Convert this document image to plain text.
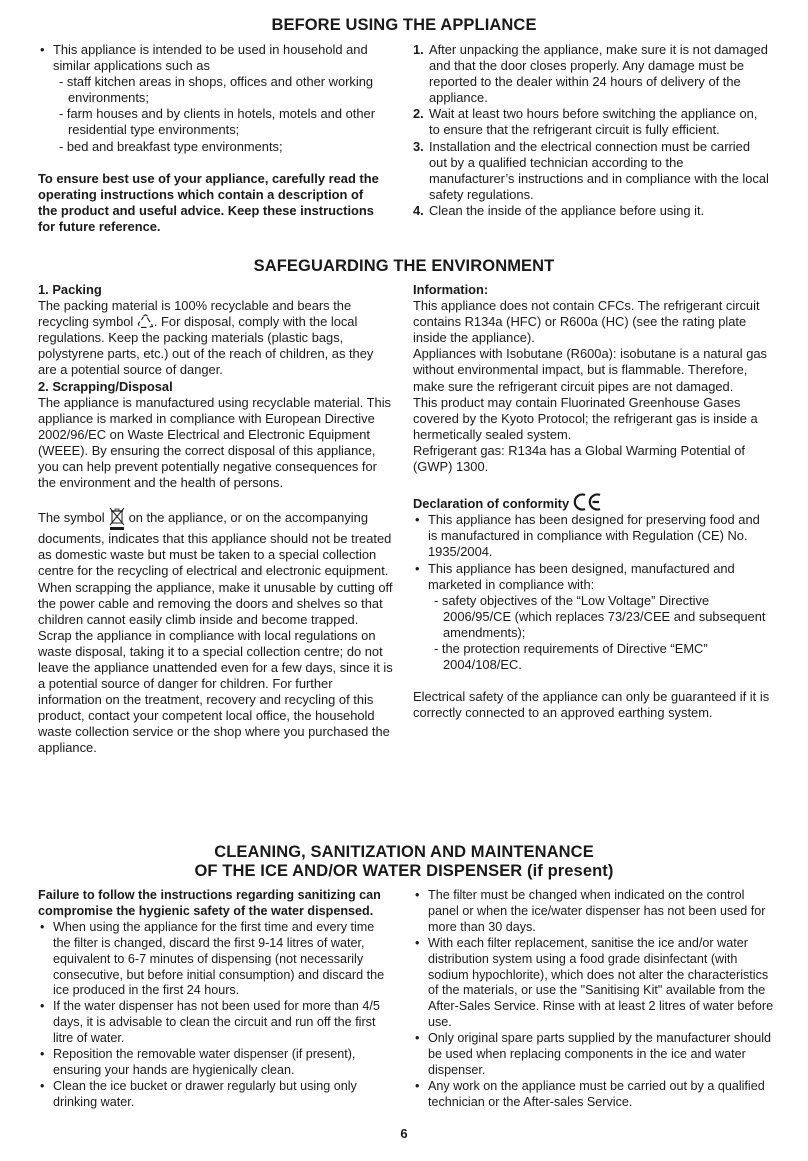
BEFORE USING THE APPLIANCE
• This appliance is intended to be used in household and similar applications such as

- staff kitchen areas in shops, offices and other working environments;

- farm houses and by clients in hotels, motels and other residential type environments;

- bed and breakfast type environments;

To ensure best use of your appliance, carefully read the operating instructions which contain a description of the product and useful advice. Keep these instructions for future reference.

1. After unpacking the appliance, make sure it is not damaged and that the door closes properly. Any damage must be reported to the dealer within 24 hours of delivery of the appliance.
2. Wait at least two hours before switching the appliance on, to ensure that the refrigerant circuit is fully efficient.
3. Installation and the electrical connection must be carried out by a qualified technician according to the manufacturer’s instructions and in compliance with the local safety regulations.
4. Clean the inside of the appliance before using it.
SAFEGUARDING THE ENVIRONMENT

1. Packing

The packing material is 100% recyclable and bears the recycling symbol . For disposal, comply with the local regulations. Keep the packing materials (plastic bags, polystyrene parts, etc.) out of the reach of children, as they are a potential source of danger.

2. Scrapping/Disposal

The appliance is manufactured using recyclable material. This appliance is marked in compliance with European Directive 2002/96/EC on Waste Electrical and Electronic Equipment (WEEE). By ensuring the correct disposal of this appliance, you can help prevent potentially negative consequences for the environment and the health of persons.

The symbol on the appliance, or on the accompanying documents, indicates that this appliance should not be treated as domestic waste but must be taken to a special collection centre for the recycling of electrical and electronic equipment.

When scrapping the appliance, make it unusable by cutting off the power cable and removing the doors and shelves so that children cannot easily climb inside and become trapped.

Scrap the appliance in compliance with local regulations on waste disposal, taking it to a special collection centre; do not leave the appliance unattended even for a few days, since it is a potential source of danger for children. For further information on the treatment, recovery and recycling of this product, contact your competent local office, the household waste collection service or the shop where you purchased the appliance.

Information:

This appliance does not contain CFCs. The refrigerant circuit contains R134a (HFC) or R600a (HC) (see the rating plate inside the appliance).

Appliances with Isobutane (R600a): isobutane is a natural gas without environmental impact, but is flammable. Therefore, make sure the refrigerant circuit pipes are not damaged.

This product may contain Fluorinated Greenhouse Gases covered by the Kyoto Protocol; the refrigerant gas is inside a hermetically sealed system.

Refrigerant gas: R134a has a Global Warming Potential of (GWP) 1300.

Declaration of conformity

• This appliance has been designed for preserving food and is manufactured in compliance with Regulation (CE) No. 1935/2004.
• This appliance has been designed, manufactured and marketed in compliance with:

- safety objectives of the “Low Voltage” Directive 2006/95/CE (which replaces 73/23/CEE and subsequent amendments);

- the protection requirements of Directive “EMC” 2004/108/EC.

Electrical safety of the appliance can only be guaranteed if it is correctly connected to an approved earthing system.

CLEANING, SANITIZATION AND MAINTENANCE
OF THE ICE AND/OR WATER DISPENSER (if present)

Failure to follow the instructions regarding sanitizing can compromise the hygienic safety of the water dispensed.

• When using the appliance for the first time and every time the filter is changed, discard the first 9-14 litres of water, equivalent to 6-7 minutes of dispensing (not necessarily consecutive, but before initial consumption) and discard the ice produced in the first 24 hours.
• If the water dispenser has not been used for more than 4/5 days, it is advisable to clean the circuit and run off the first litre of water.
• Reposition the removable water dispenser (if present), ensuring your hands are hygienically clean.
• Clean the ice bucket or drawer regularly but using only drinking water.
• The filter must be changed when indicated on the control panel or when the ice/water dispenser has not been used for more than 30 days.
• With each filter replacement, sanitise the ice and/or water distribution system using a food grade disinfectant (with sodium hypochlorite), which does not alter the characteristics of the materials, or use the "Sanitising Kit" available from the After-Sales Service. Rinse with at least 2 litres of water before use.
• Only original spare parts supplied by the manufacturer should be used when replacing components in the ice and water dispenser.
• Any work on the appliance must be carried out by a qualified technician or the After-sales Service.
6
